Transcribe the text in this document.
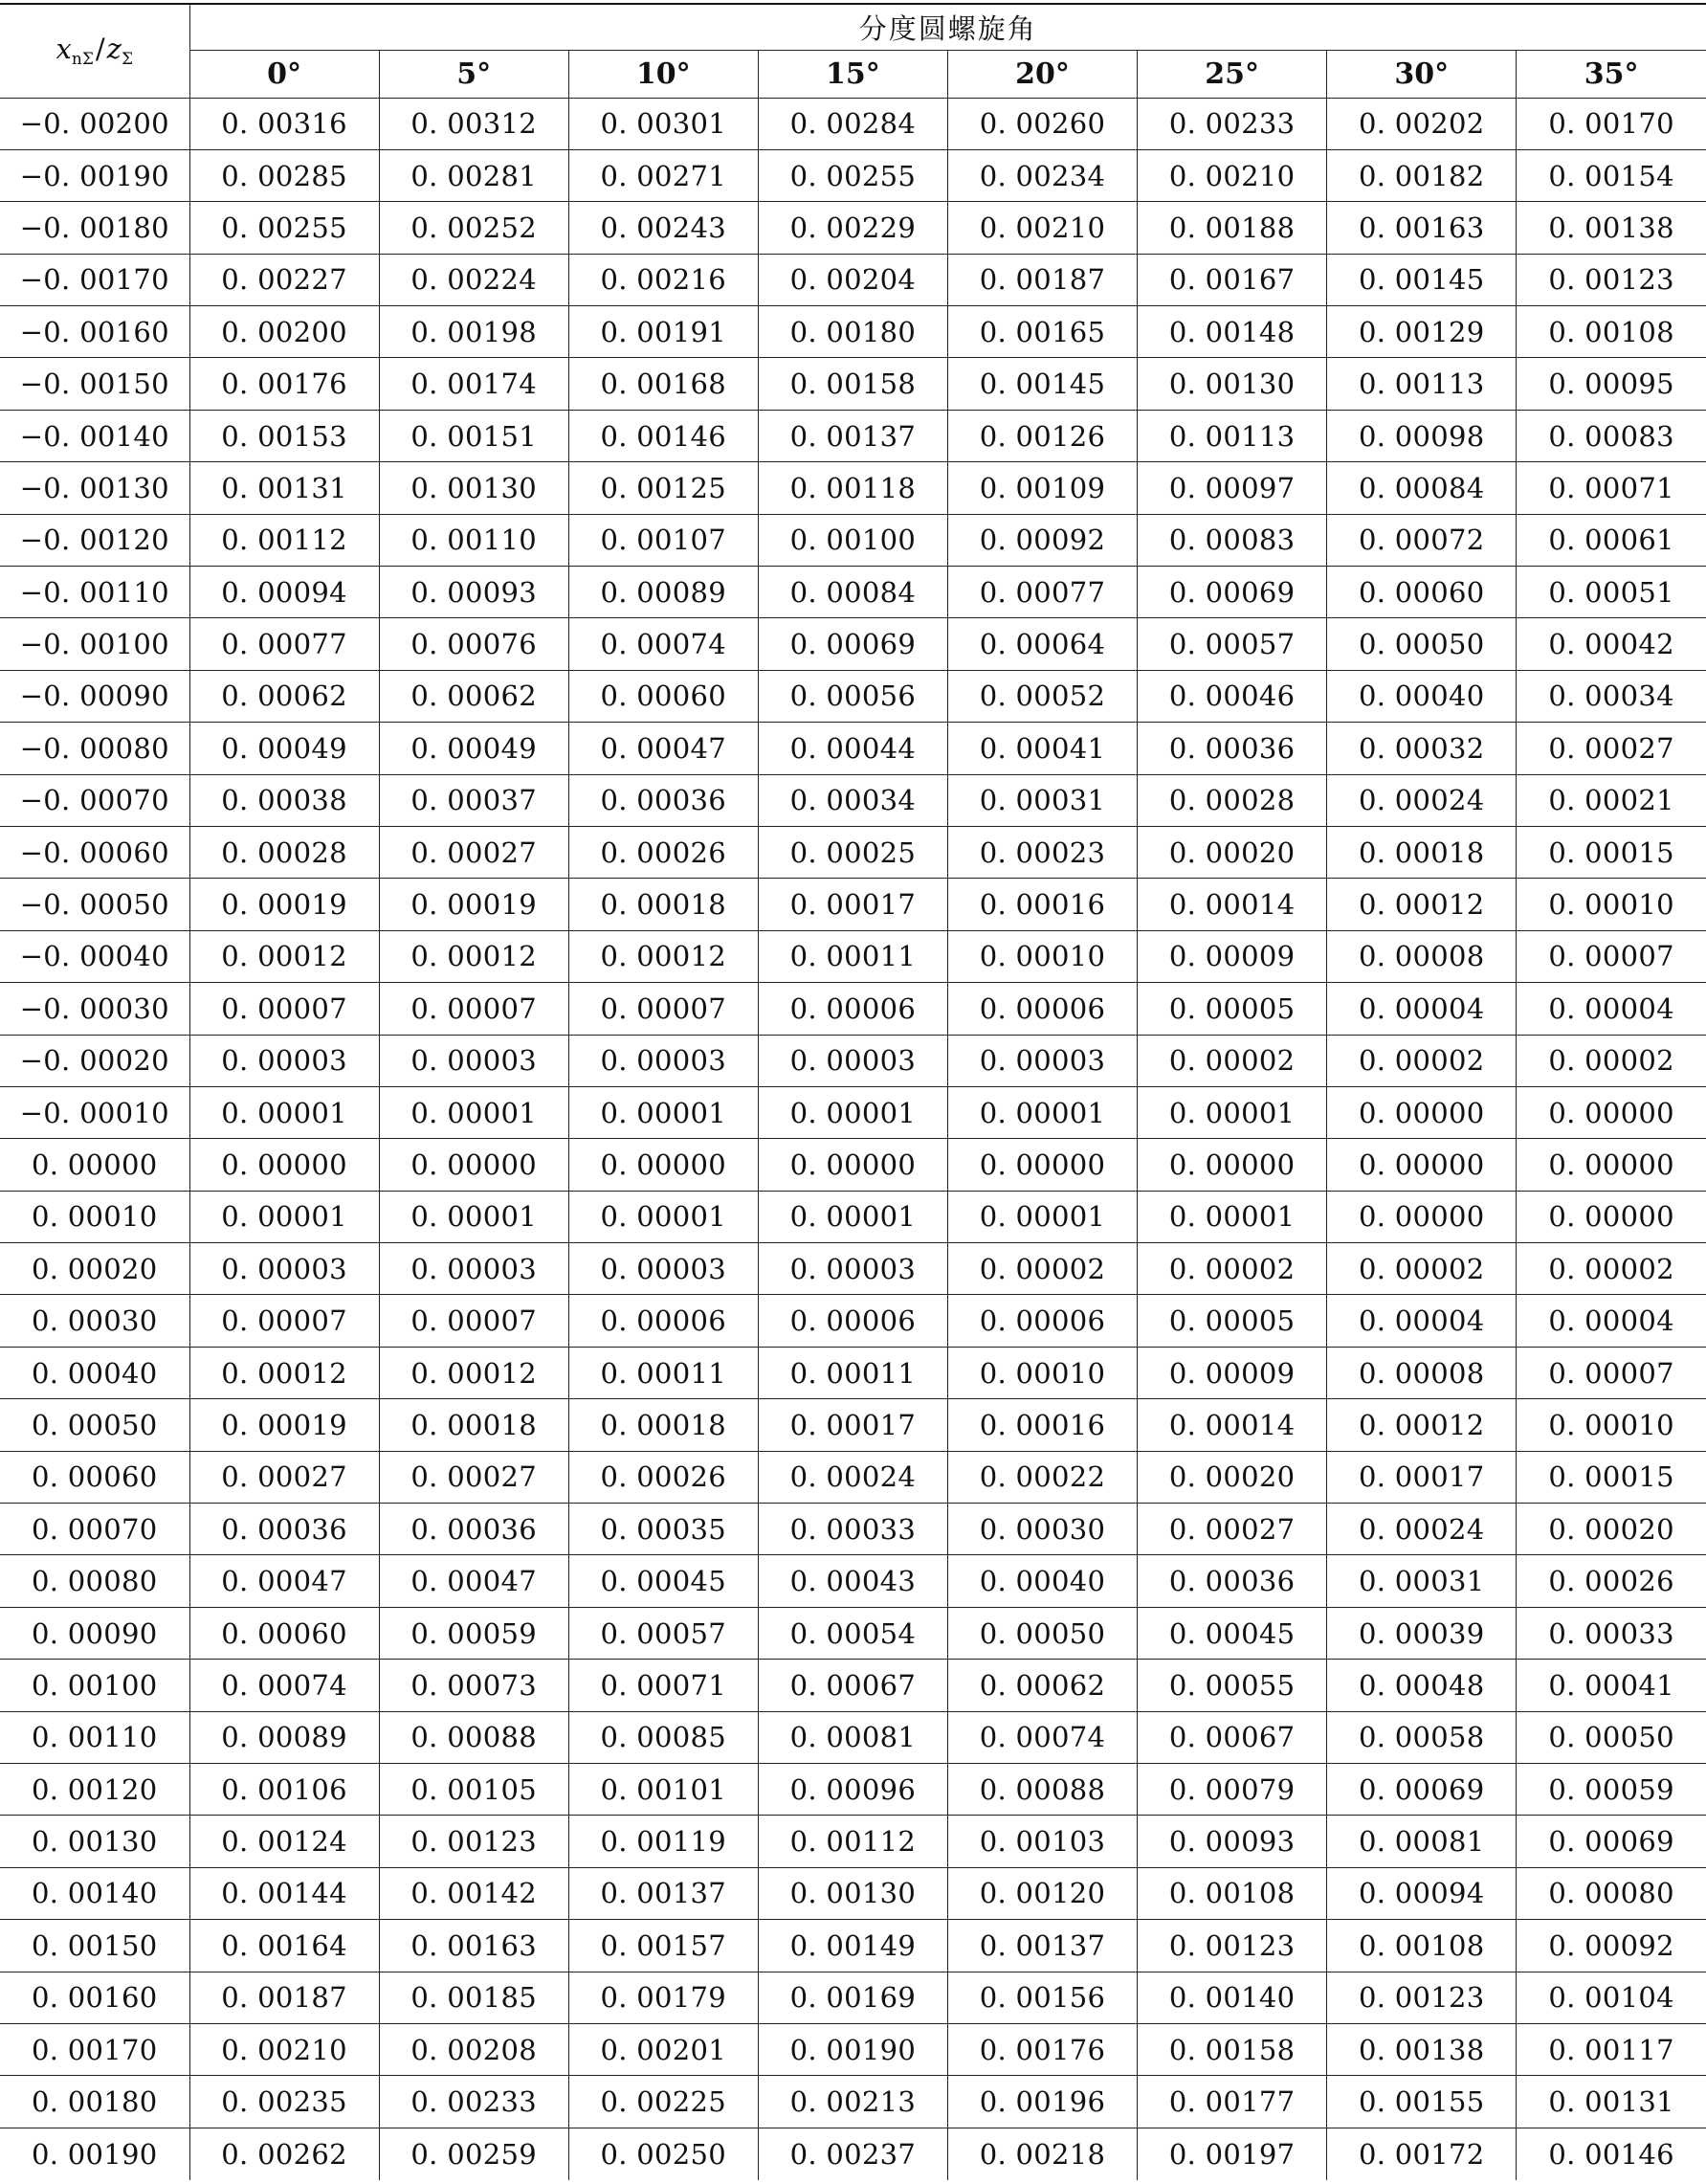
$x_{n\Sigma}/z_\Sigma$	分度圆螺旋角							
	0°	5°	10°	15°	20°	25°	30°	35°
−0. 00200	0. 00316	0. 00312	0. 00301	0. 00284	0. 00260	0. 00233	0. 00202	0. 00170
−0. 00190	0. 00285	0. 00281	0. 00271	0. 00255	0. 00234	0. 00210	0. 00182	0. 00154
−0. 00180	0. 00255	0. 00252	0. 00243	0. 00229	0. 00210	0. 00188	0. 00163	0. 00138
−0. 00170	0. 00227	0. 00224	0. 00216	0. 00204	0. 00187	0. 00167	0. 00145	0. 00123
−0. 00160	0. 00200	0. 00198	0. 00191	0. 00180	0. 00165	0. 00148	0. 00129	0. 00108
−0. 00150	0. 00176	0. 00174	0. 00168	0. 00158	0. 00145	0. 00130	0. 00113	0. 00095
−0. 00140	0. 00153	0. 00151	0. 00146	0. 00137	0. 00126	0. 00113	0. 00098	0. 00083
−0. 00130	0. 00131	0. 00130	0. 00125	0. 00118	0. 00109	0. 00097	0. 00084	0. 00071
−0. 00120	0. 00112	0. 00110	0. 00107	0. 00100	0. 00092	0. 00083	0. 00072	0. 00061
−0. 00110	0. 00094	0. 00093	0. 00089	0. 00084	0. 00077	0. 00069	0. 00060	0. 00051
−0. 00100	0. 00077	0. 00076	0. 00074	0. 00069	0. 00064	0. 00057	0. 00050	0. 00042
−0. 00090	0. 00062	0. 00062	0. 00060	0. 00056	0. 00052	0. 00046	0. 00040	0. 00034
−0. 00080	0. 00049	0. 00049	0. 00047	0. 00044	0. 00041	0. 00036	0. 00032	0. 00027
−0. 00070	0. 00038	0. 00037	0. 00036	0. 00034	0. 00031	0. 00028	0. 00024	0. 00021
−0. 00060	0. 00028	0. 00027	0. 00026	0. 00025	0. 00023	0. 00020	0. 00018	0. 00015
−0. 00050	0. 00019	0. 00019	0. 00018	0. 00017	0. 00016	0. 00014	0. 00012	0. 00010
−0. 00040	0. 00012	0. 00012	0. 00012	0. 00011	0. 00010	0. 00009	0. 00008	0. 00007
−0. 00030	0. 00007	0. 00007	0. 00007	0. 00006	0. 00006	0. 00005	0. 00004	0. 00004
−0. 00020	0. 00003	0. 00003	0. 00003	0. 00003	0. 00003	0. 00002	0. 00002	0. 00002
−0. 00010	0. 00001	0. 00001	0. 00001	0. 00001	0. 00001	0. 00001	0. 00000	0. 00000
0. 00000	0. 00000	0. 00000	0. 00000	0. 00000	0. 00000	0. 00000	0. 00000	0. 00000
0. 00010	0. 00001	0. 00001	0. 00001	0. 00001	0. 00001	0. 00001	0. 00000	0. 00000
0. 00020	0. 00003	0. 00003	0. 00003	0. 00003	0. 00002	0. 00002	0. 00002	0. 00002
0. 00030	0. 00007	0. 00007	0. 00006	0. 00006	0. 00006	0. 00005	0. 00004	0. 00004
0. 00040	0. 00012	0. 00012	0. 00011	0. 00011	0. 00010	0. 00009	0. 00008	0. 00007
0. 00050	0. 00019	0. 00018	0. 00018	0. 00017	0. 00016	0. 00014	0. 00012	0. 00010
0. 00060	0. 00027	0. 00027	0. 00026	0. 00024	0. 00022	0. 00020	0. 00017	0. 00015
0. 00070	0. 00036	0. 00036	0. 00035	0. 00033	0. 00030	0. 00027	0. 00024	0. 00020
0. 00080	0. 00047	0. 00047	0. 00045	0. 00043	0. 00040	0. 00036	0. 00031	0. 00026
0. 00090	0. 00060	0. 00059	0. 00057	0. 00054	0. 00050	0. 00045	0. 00039	0. 00033
0. 00100	0. 00074	0. 00073	0. 00071	0. 00067	0. 00062	0. 00055	0. 00048	0. 00041
0. 00110	0. 00089	0. 00088	0. 00085	0. 00081	0. 00074	0. 00067	0. 00058	0. 00050
0. 00120	0. 00106	0. 00105	0. 00101	0. 00096	0. 00088	0. 00079	0. 00069	0. 00059
0. 00130	0. 00124	0. 00123	0. 00119	0. 00112	0. 00103	0. 00093	0. 00081	0. 00069
0. 00140	0. 00144	0. 00142	0. 00137	0. 00130	0. 00120	0. 00108	0. 00094	0. 00080
0. 00150	0. 00164	0. 00163	0. 00157	0. 00149	0. 00137	0. 00123	0. 00108	0. 00092
0. 00160	0. 00187	0. 00185	0. 00179	0. 00169	0. 00156	0. 00140	0. 00123	0. 00104
0. 00170	0. 00210	0. 00208	0. 00201	0. 00190	0. 00176	0. 00158	0. 00138	0. 00117
0. 00180	0. 00235	0. 00233	0. 00225	0. 00213	0. 00196	0. 00177	0. 00155	0. 00131
0. 00190	0. 00262	0. 00259	0. 00250	0. 00237	0. 00218	0. 00197	0. 00172	0. 00146
